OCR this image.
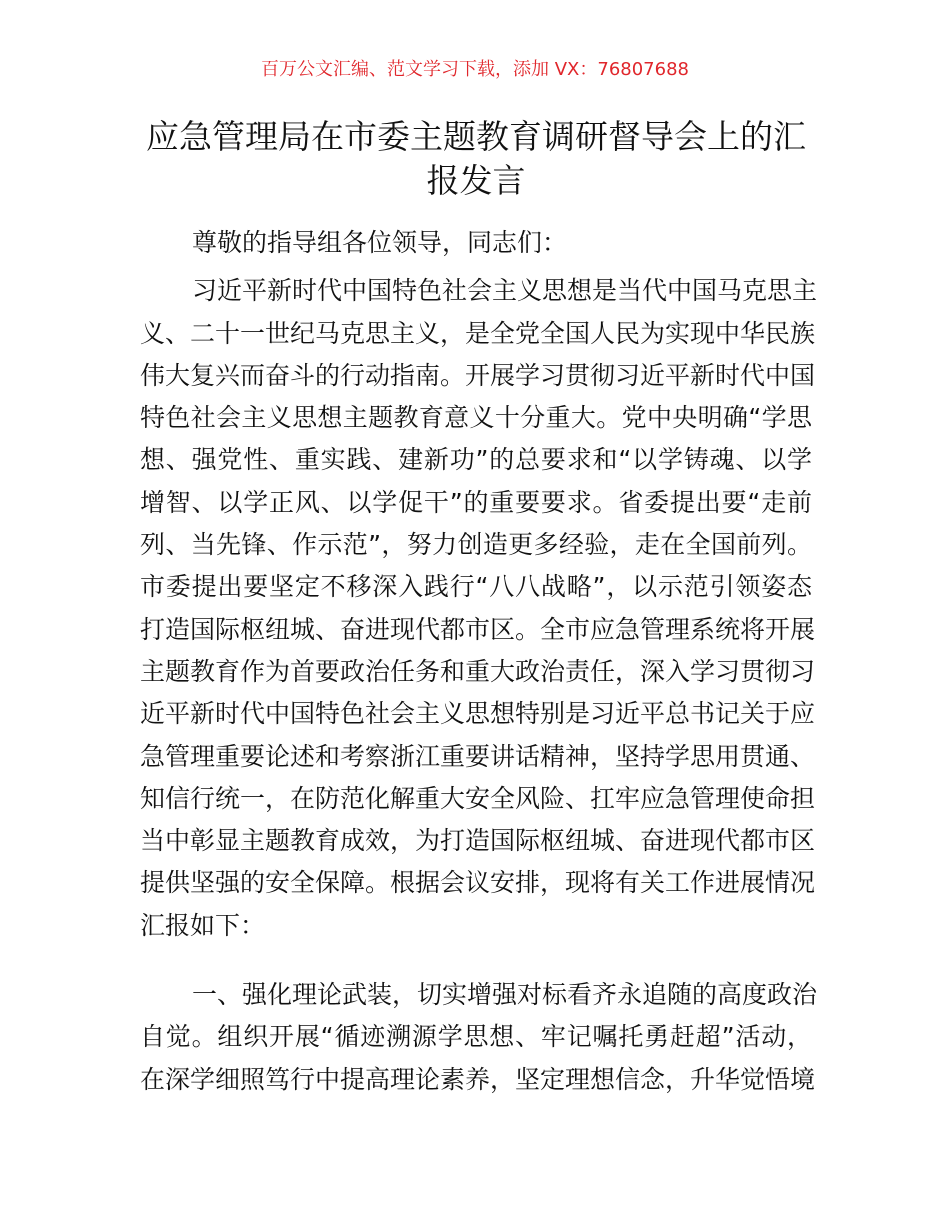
百万公文汇编、范文学习下载，添加 VX：76807688
应急管理局在市委主题教育调研督导会上的汇
报发言
尊敬的指导组各位领导，同志们：
习近平新时代中国特色社会主义思想是当代中国马克思主
义、二十一世纪马克思主义，是全党全国人民为实现中华民族
伟大复兴而奋斗的行动指南。开展学习贯彻习近平新时代中国
特色社会主义思想主题教育意义十分重大。党中央明确“学思
想、强党性、重实践、建新功”的总要求和“以学铸魂、以学
增智、以学正风、以学促干”的重要要求。省委提出要“走前
列、当先锋、作示范”，努力创造更多经验，走在全国前列。
市委提出要坚定不移深入践行“八八战略”，以示范引领姿态
打造国际枢纽城、奋进现代都市区。全市应急管理系统将开展
主题教育作为首要政治任务和重大政治责任，深入学习贯彻习
近平新时代中国特色社会主义思想特别是习近平总书记关于应
急管理重要论述和考察浙江重要讲话精神，坚持学思用贯通、
知信行统一，在防范化解重大安全风险、扛牢应急管理使命担
当中彰显主题教育成效，为打造国际枢纽城、奋进现代都市区
提供坚强的安全保障。根据会议安排，现将有关工作进展情况
汇报如下：
一、强化理论武装，切实增强对标看齐永追随的高度政治
自觉。组织开展“循迹溯源学思想、牢记嘱托勇赶超”活动，
在深学细照笃行中提高理论素养，坚定理想信念，升华觉悟境
